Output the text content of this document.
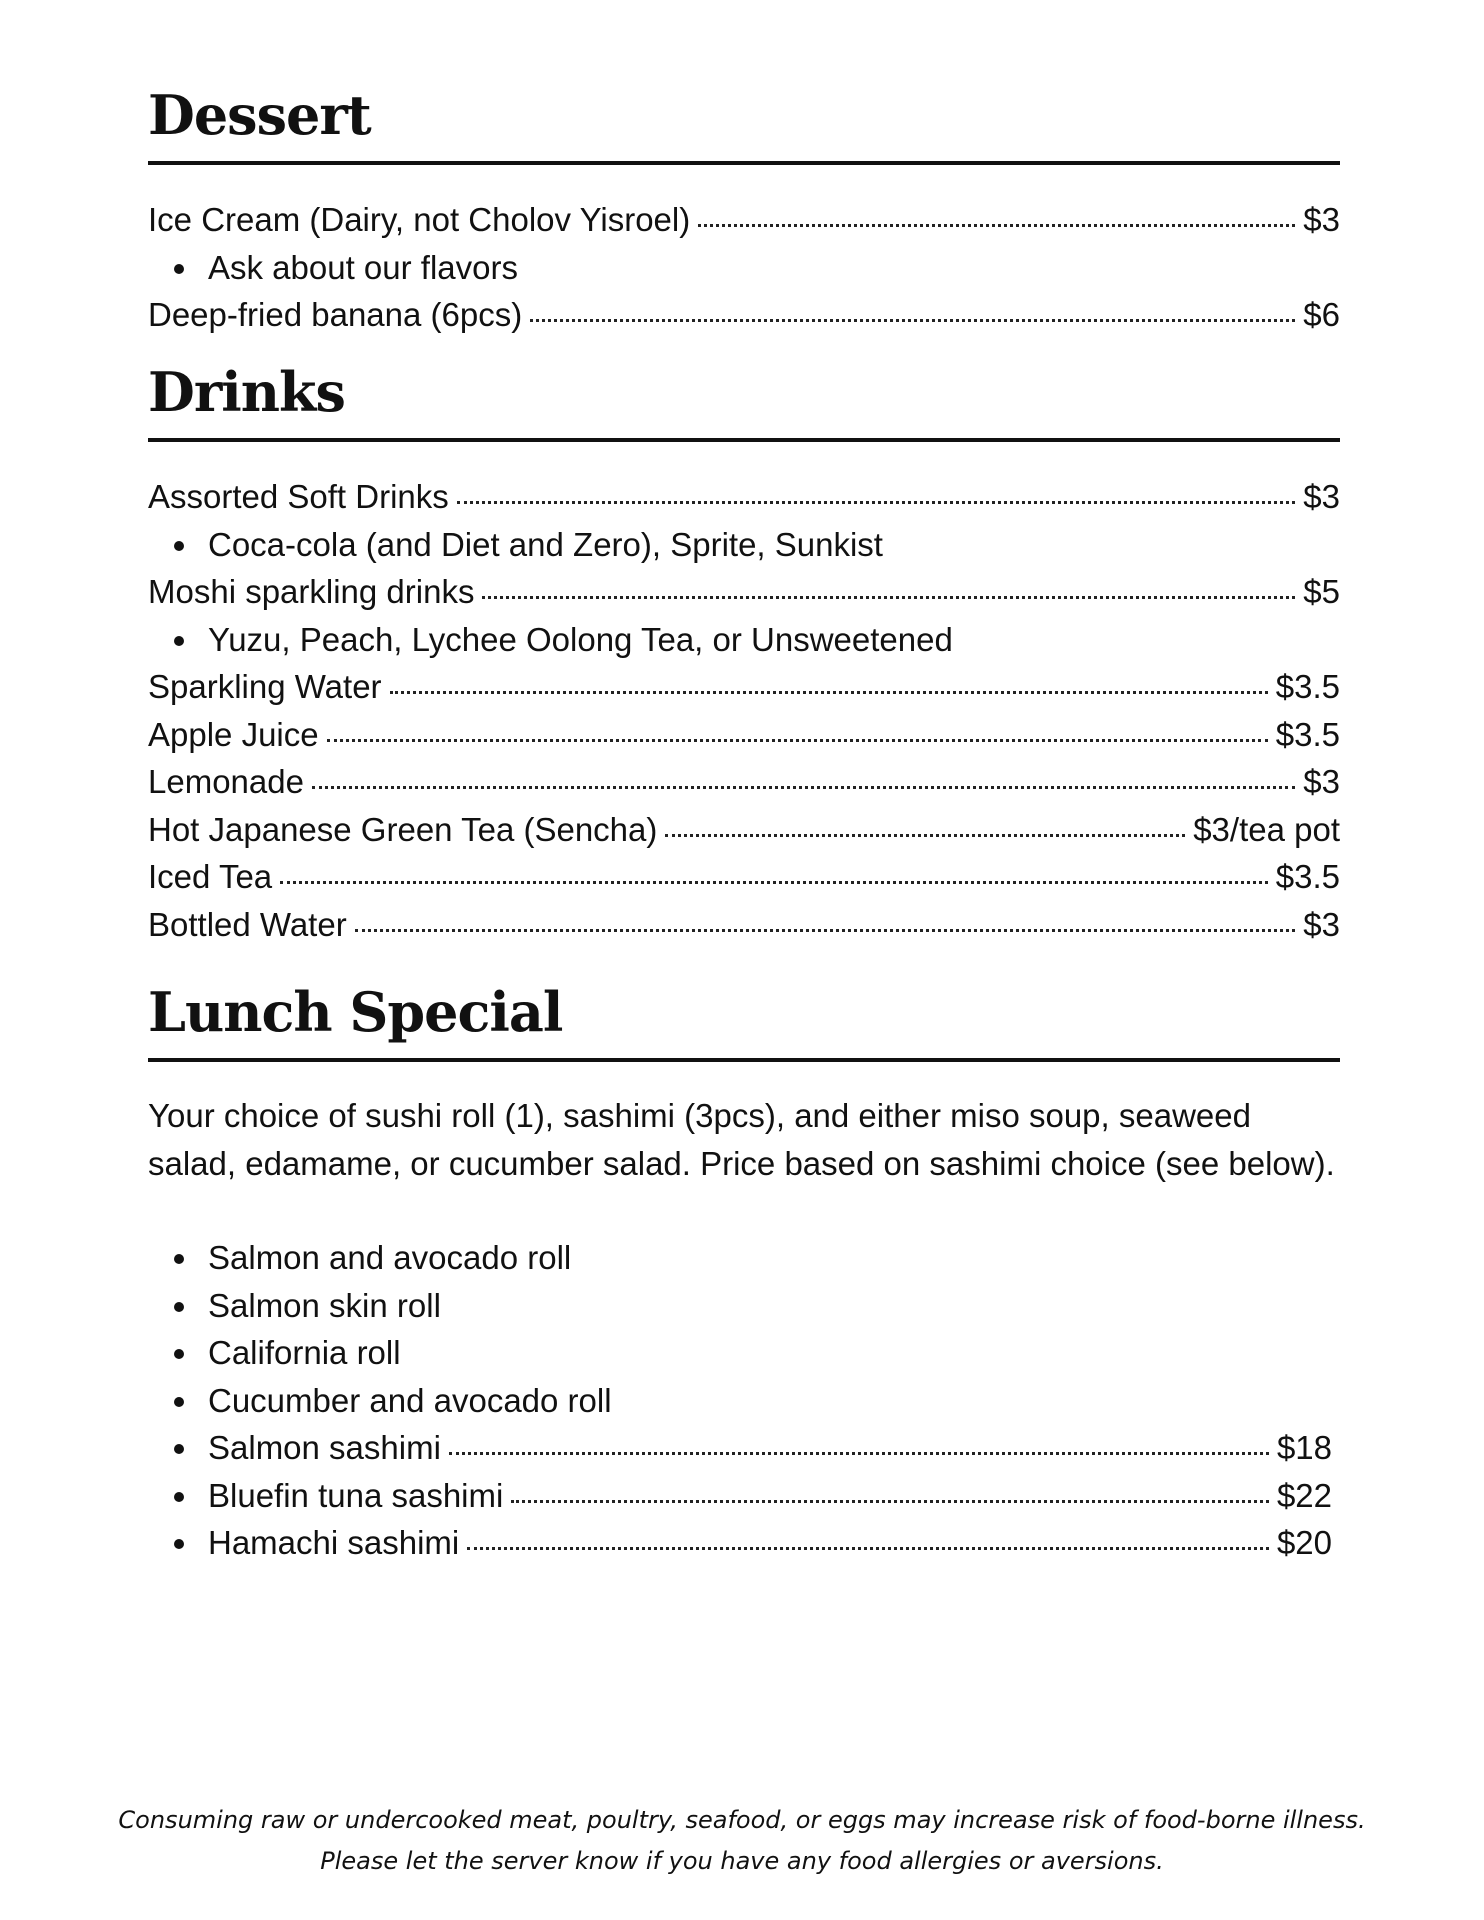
Dessert
Ice Cream (Dairy, not Cholov Yisroel)	$3
Ask about our flavors
Deep-fried banana (6pcs)	$6
Drinks
Assorted Soft Drinks	$3
Coca-cola (and Diet and Zero), Sprite, Sunkist
Moshi sparkling drinks	$5
Yuzu, Peach, Lychee Oolong Tea, or Unsweetened
Sparkling Water	$3.5
Apple Juice	$3.5
Lemonade	$3
Hot Japanese Green Tea (Sencha)	$3/tea pot
Iced Tea	$3.5
Bottled Water	$3
Lunch Special

Your choice of sushi roll (1), sashimi (3pcs), and either miso soup, seaweed salad, edamame, or cucumber salad. Price based on sashimi choice (see below).

Salmon and avocado roll
Salmon skin roll
California roll
Cucumber and avocado roll
Salmon sashimi	$18
Bluefin tuna sashimi	$22
Hamachi sashimi	$20
Consuming raw or undercooked meat, poultry, seafood, or eggs may increase risk of food-borne illness.
Please let the server know if you have any food allergies or aversions.
